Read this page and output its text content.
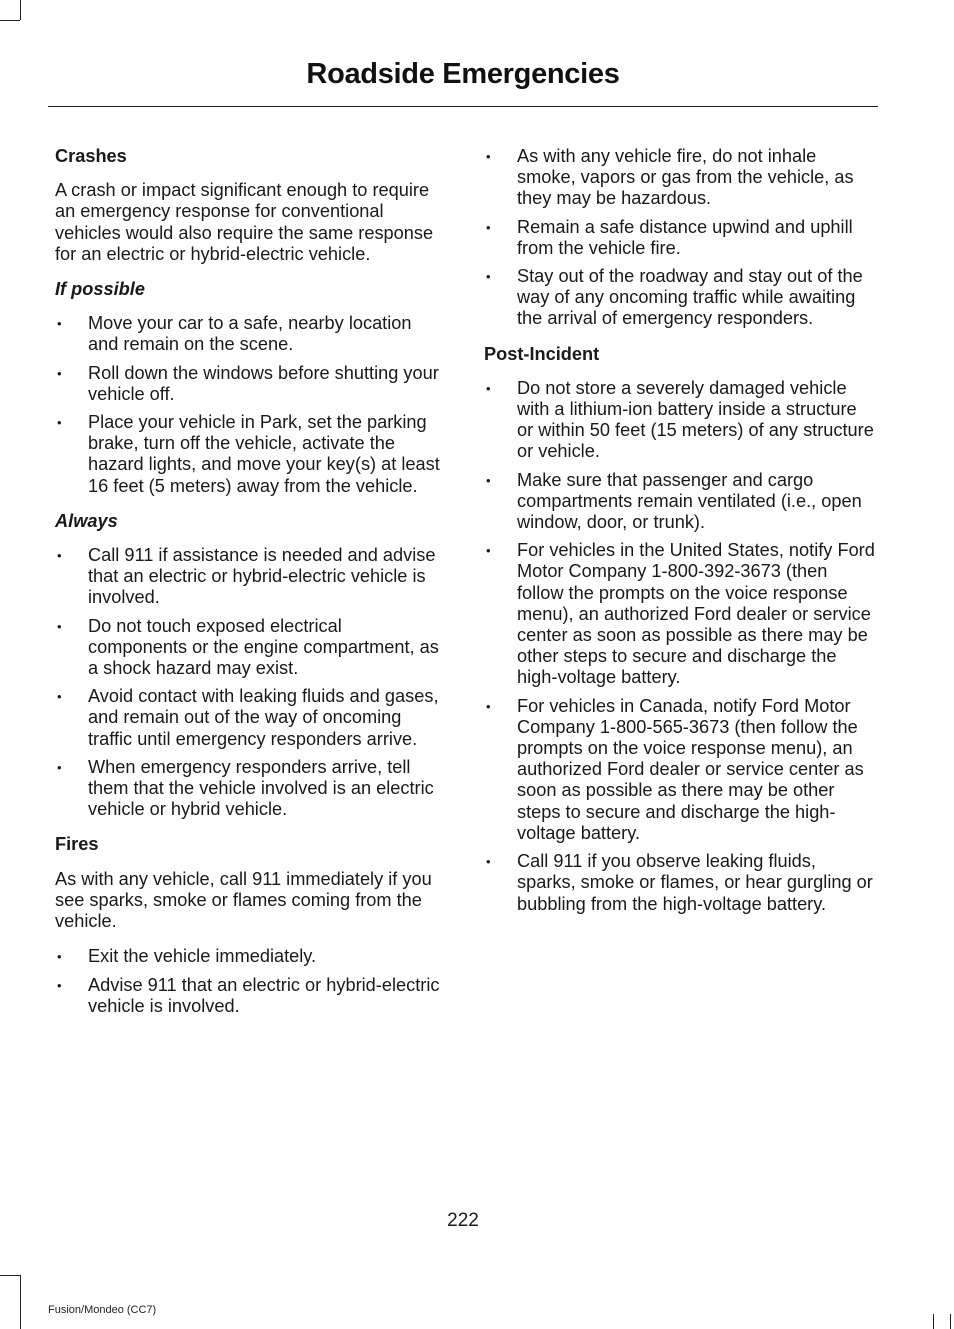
Roadside Emergencies
Crashes
A crash or impact significant enough to require an emergency response for conventional vehicles would also require the same response for an electric or hybrid-electric vehicle.
If possible
• Move your car to a safe, nearby location and remain on the scene.
• Roll down the windows before shutting your vehicle off.
• Place your vehicle in Park, set the parking brake, turn off the vehicle, activate the hazard lights, and move your key(s) at least 16 feet (5 meters) away from the vehicle.
Always
• Call 911 if assistance is needed and advise that an electric or hybrid-electric vehicle is involved.
• Do not touch exposed electrical components or the engine compartment, as a shock hazard may exist.
• Avoid contact with leaking fluids and gases, and remain out of the way of oncoming traffic until emergency responders arrive.
• When emergency responders arrive, tell them that the vehicle involved is an electric vehicle or hybrid vehicle.
Fires
As with any vehicle, call 911 immediately if you see sparks, smoke or flames coming from the vehicle.
• Exit the vehicle immediately.
• Advise 911 that an electric or hybrid-electric vehicle is involved.
• As with any vehicle fire, do not inhale smoke, vapors or gas from the vehicle, as they may be hazardous.
• Remain a safe distance upwind and uphill from the vehicle fire.
• Stay out of the roadway and stay out of the way of any oncoming traffic while awaiting the arrival of emergency responders.
Post-Incident
• Do not store a severely damaged vehicle with a lithium-ion battery inside a structure or within 50 feet (15 meters) of any structure or vehicle.
• Make sure that passenger and cargo compartments remain ventilated (i.e., open window, door, or trunk).
• For vehicles in the United States, notify Ford Motor Company 1-800-392-3673 (then follow the prompts on the voice response menu), an authorized Ford dealer or service center as soon as possible as there may be other steps to secure and discharge the high-voltage battery.
• For vehicles in Canada, notify Ford Motor Company 1-800-565-3673 (then follow the prompts on the voice response menu), an authorized Ford dealer or service center as soon as possible as there may be other steps to secure and discharge the high-voltage battery.
• Call 911 if you observe leaking fluids, sparks, smoke or flames, or hear gurgling or bubbling from the high-voltage battery.
222
Fusion/Mondeo (CC7)
